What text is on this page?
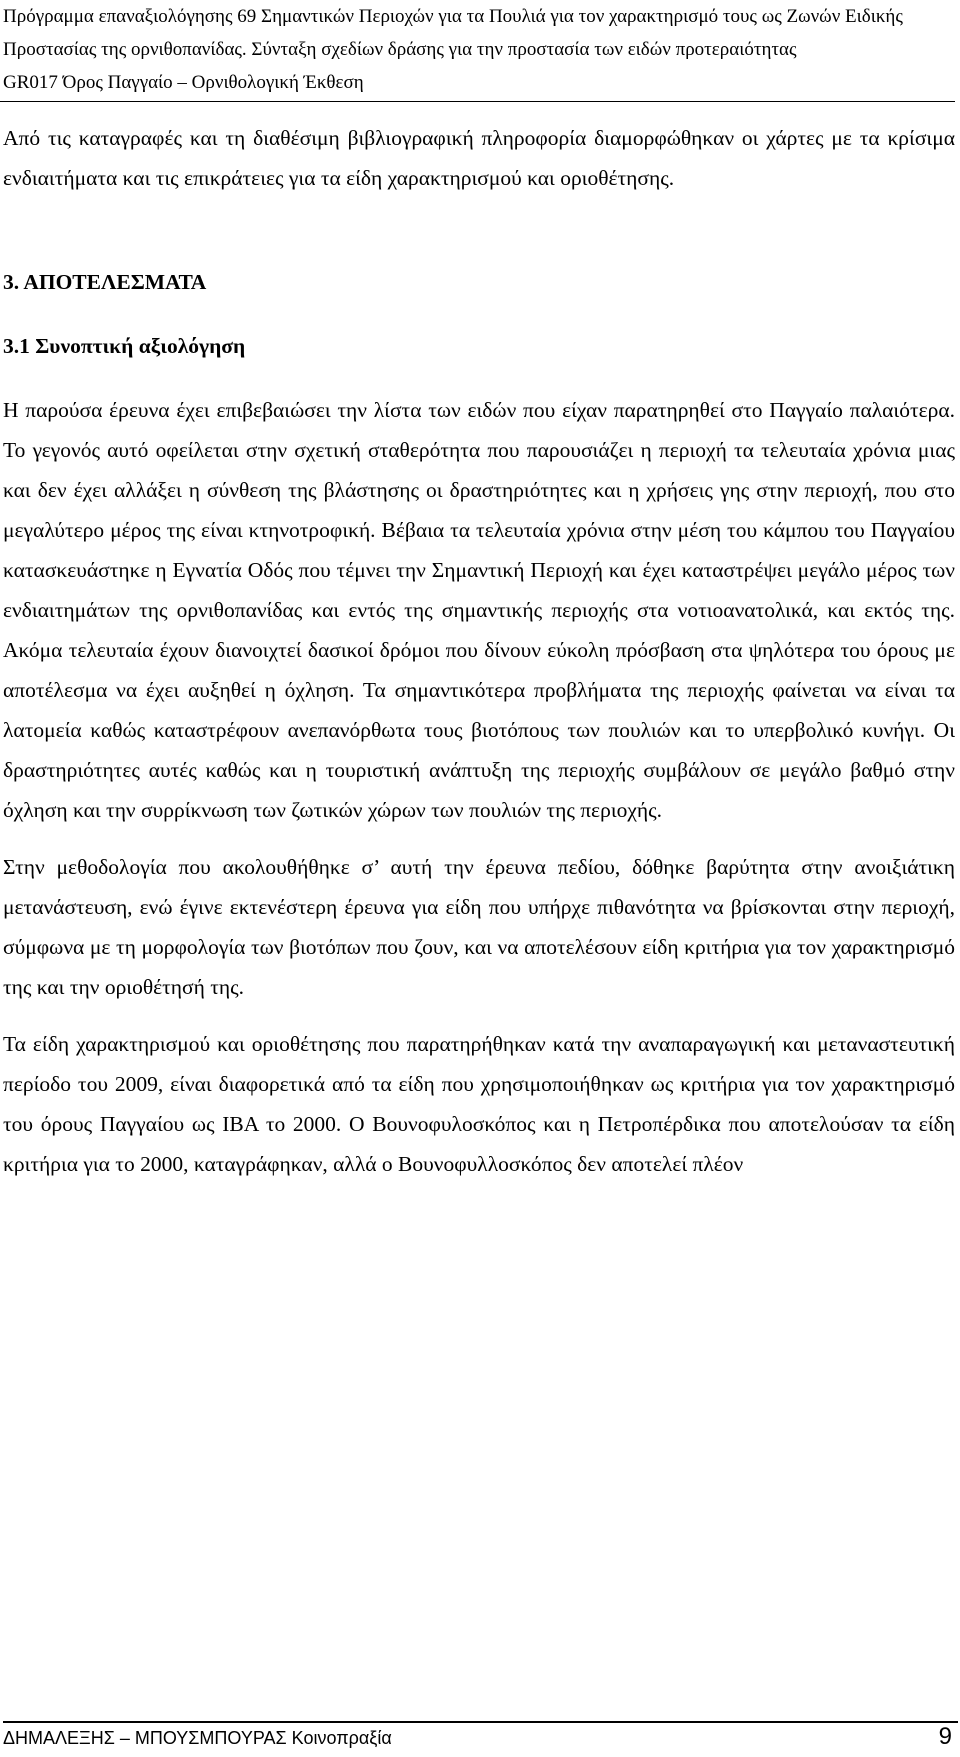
Πρόγραμμα επαναξιολόγησης 69 Σημαντικών Περιοχών για τα Πουλιά για τον χαρακτηρισμό τους ως Ζωνών Ειδικής
Προστασίας της ορνιθοπανίδας. Σύνταξη σχεδίων δράσης για την προστασία των ειδών προτεραιότητας
GR017 Όρος Παγγαίο – Ορνιθολογική Έκθεση

Από τις καταγραφές και τη διαθέσιμη βιβλιογραφική πληροφορία διαμορφώθηκαν οι χάρτες με τα κρίσιμα ενδιαιτήματα και τις επικράτειες για τα είδη χαρακτηρισμού και οριοθέτησης.

3. ΑΠΟΤΕΛΕΣΜΑΤΑ

3.1 Συνοπτική αξιολόγηση

Η παρούσα έρευνα έχει επιβεβαιώσει την λίστα των ειδών που είχαν παρατηρηθεί στο Παγγαίο παλαιότερα. Το γεγονός αυτό οφείλεται στην σχετική σταθερότητα που παρουσιάζει η περιοχή τα τελευταία χρόνια μιας και δεν έχει αλλάξει η σύνθεση της βλάστησης οι δραστηριότητες και η χρήσεις γης στην περιοχή, που στο μεγαλύτερο μέρος της είναι κτηνοτροφική. Βέβαια τα τελευταία χρόνια στην μέση του κάμπου του Παγγαίου κατασκευάστηκε η Εγνατία Οδός που τέμνει την Σημαντική Περιοχή και έχει καταστρέψει μεγάλο μέρος των ενδιαιτημάτων της ορνιθοπανίδας και εντός της σημαντικής περιοχής στα νοτιοανατολικά, και εκτός της. Ακόμα τελευταία έχουν διανοιχτεί δασικοί δρόμοι που δίνουν εύκολη πρόσβαση στα ψηλότερα του όρους με αποτέλεσμα να έχει αυξηθεί η όχληση. Τα σημαντικότερα προβλήματα της περιοχής φαίνεται να είναι τα λατομεία καθώς καταστρέφουν ανεπανόρθωτα τους βιοτόπους των πουλιών και το υπερβολικό κυνήγι. Οι δραστηριότητες αυτές καθώς και η τουριστική ανάπτυξη της περιοχής συμβάλουν σε μεγάλο βαθμό στην όχληση και την συρρίκνωση των ζωτικών χώρων των πουλιών της περιοχής.

Στην μεθοδολογία που ακολουθήθηκε σ’ αυτή την έρευνα πεδίου, δόθηκε βαρύτητα στην ανοιξιάτικη μετανάστευση, ενώ έγινε εκτενέστερη έρευνα για είδη που υπήρχε πιθανότητα να βρίσκονται στην περιοχή, σύμφωνα με τη μορφολογία των βιοτόπων που ζουν, και να αποτελέσουν είδη κριτήρια για τον χαρακτηρισμό της και την οριοθέτησή της.

Τα είδη χαρακτηρισμού και οριοθέτησης που παρατηρήθηκαν κατά την αναπαραγωγική και μεταναστευτική περίοδο του 2009, είναι διαφορετικά από τα είδη που χρησιμοποιήθηκαν ως κριτήρια για τον χαρακτηρισμό του όρους Παγγαίου ως IBA το 2000. Ο Βουνοφυλοσκόπος και η Πετροπέρδικα που αποτελούσαν τα είδη κριτήρια για το 2000, καταγράφηκαν, αλλά ο Βουνοφυλλοσκόπος δεν αποτελεί πλέον

ΔΗΜΑΛΕΞΗΣ – ΜΠΟΥΣΜΠΟΥΡΑΣ Κοινοπραξία	9
